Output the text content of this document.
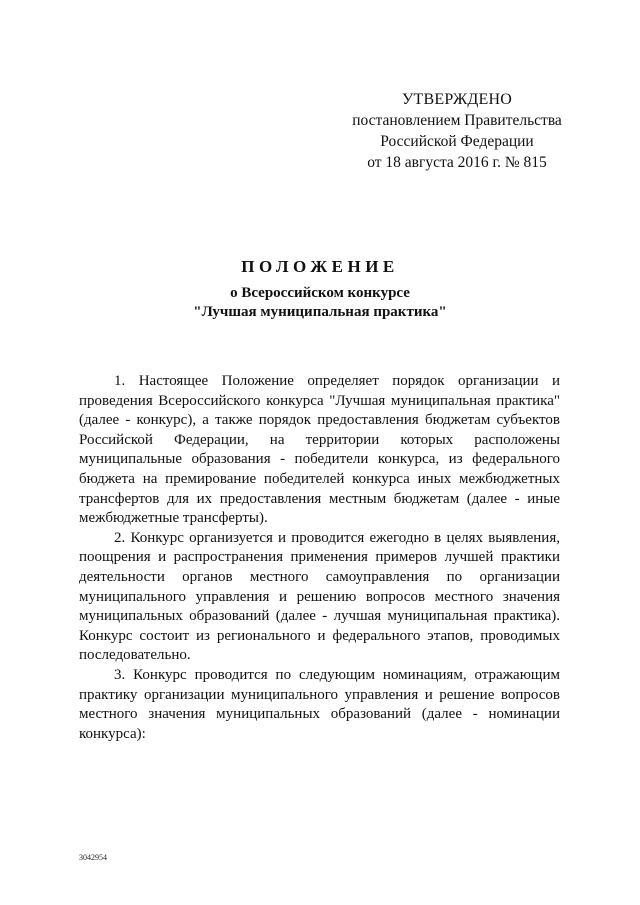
УТВЕРЖДЕНО
постановлением Правительства
Российской Федерации
от 18 августа 2016 г. № 815
ПОЛОЖЕНИЕ
о Всероссийском конкурсе
"Лучшая муниципальная практика"

1. Настоящее Положение определяет порядок организации и проведения Всероссийского конкурса "Лучшая муниципальная практика" (далее - конкурс), а также порядок предоставления бюджетам субъектов Российской Федерации, на территории которых расположены муниципальные образования - победители конкурса, из федерального бюджета на премирование победителей конкурса иных межбюджетных трансфертов для их предоставления местным бюджетам (далее - иные межбюджетные трансферты).

2. Конкурс организуется и проводится ежегодно в целях выявления, поощрения и распространения применения примеров лучшей практики деятельности органов местного самоуправления по организации муниципального управления и решению вопросов местного значения муниципальных образований (далее - лучшая муниципальная практика). Конкурс состоит из регионального и федерального этапов, проводимых последовательно.

3. Конкурс проводится по следующим номинациям, отражающим практику организации муниципального управления и решение вопросов местного значения муниципальных образований (далее - номинации конкурса):

3042954
